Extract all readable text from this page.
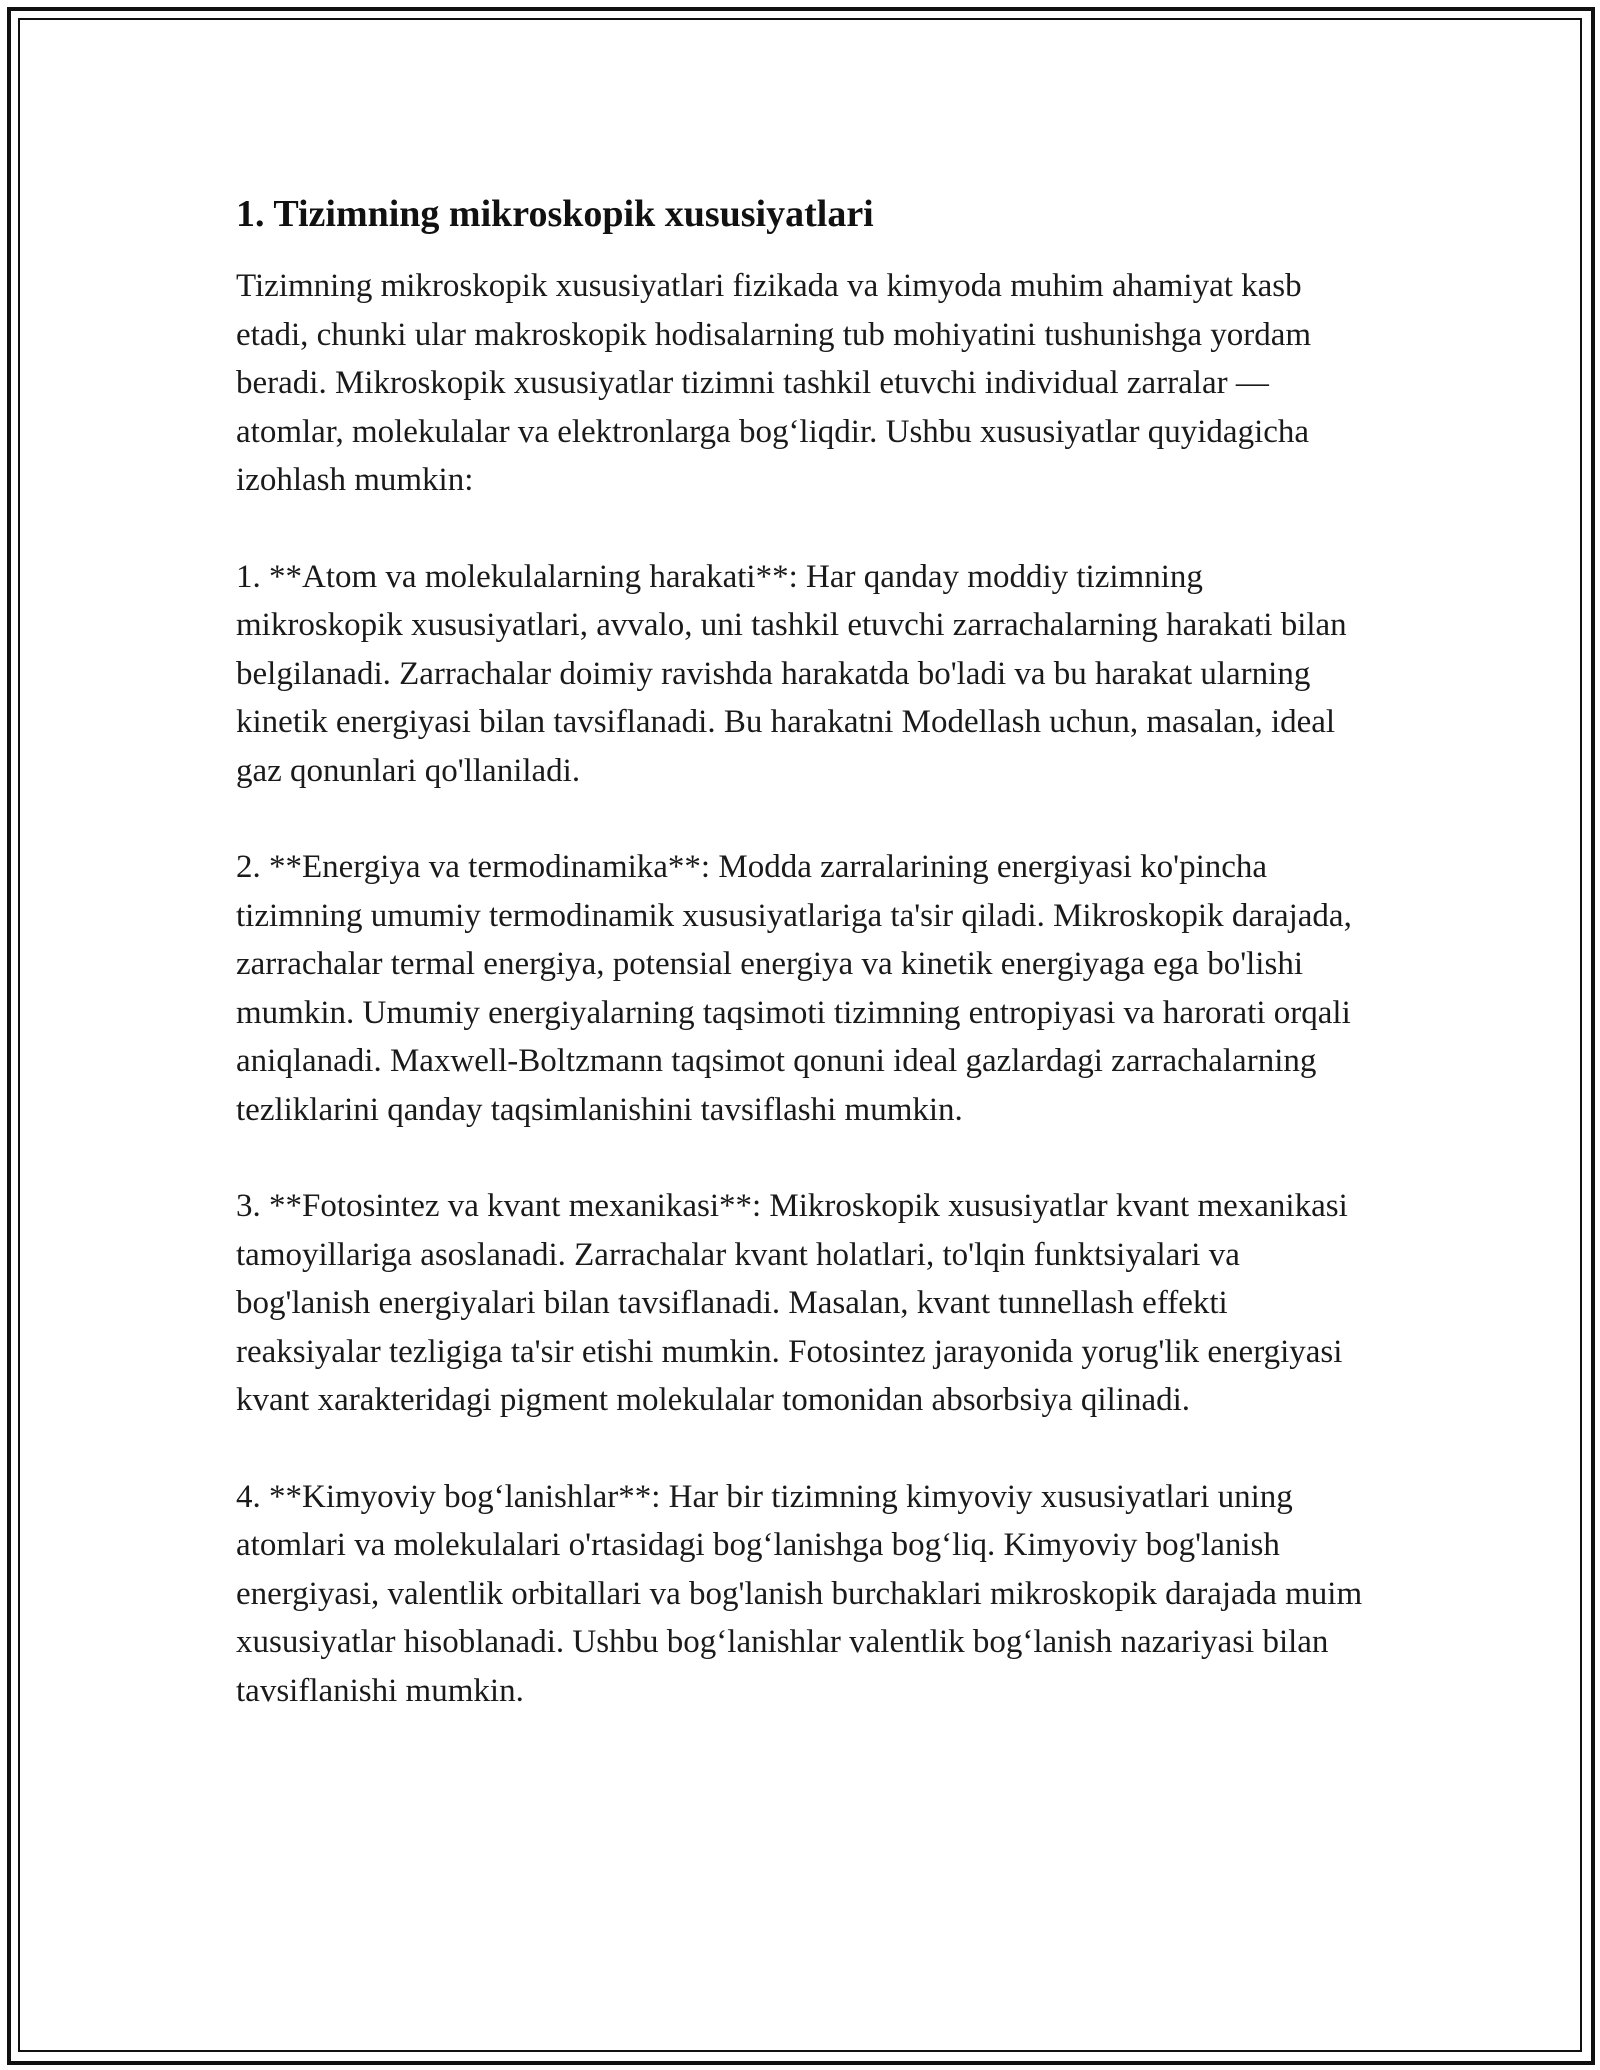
1. Tizimning mikroskopik xususiyatlari

Tizimning mikroskopik xususiyatlari fizikada va kimyoda muhim ahamiyat kasb etadi, chunki ular makroskopik hodisalarning tub mohiyatini tushunishga yordam beradi. Mikroskopik xususiyatlar tizimni tashkil etuvchi individual zarralar — atomlar, molekulalar va elektronlarga bog‘liqdir. Ushbu xususiyatlar quyidagicha izohlash mumkin:

1. **Atom va molekulalarning harakati**: Har qanday moddiy tizimning mikroskopik xususiyatlari, avvalo, uni tashkil etuvchi zarrachalarning harakati bilan belgilanadi. Zarrachalar doimiy ravishda harakatda bo'ladi va bu harakat ularning kinetik energiyasi bilan tavsiflanadi. Bu harakatni Modellash uchun, masalan, ideal gaz qonunlari qo'llaniladi.

2. **Energiya va termodinamika**: Modda zarralarining energiyasi ko'pincha tizimning umumiy termodinamik xususiyatlariga ta'sir qiladi. Mikroskopik darajada, zarrachalar termal energiya, potensial energiya va kinetik energiyaga ega bo'lishi mumkin. Umumiy energiyalarning taqsimoti tizimning entropiyasi va harorati orqali aniqlanadi. Maxwell-Boltzmann taqsimot qonuni ideal gazlardagi zarrachalarning tezliklarini qanday taqsimlanishini tavsiflashi mumkin.

3. **Fotosintez va kvant mexanikasi**: Mikroskopik xususiyatlar kvant mexanikasi tamoyillariga asoslanadi. Zarrachalar kvant holatlari, to'lqin funktsiyalari va bog'lanish energiyalari bilan tavsiflanadi. Masalan, kvant tunnellash effekti reaksiyalar tezligiga ta'sir etishi mumkin. Fotosintez jarayonida yorug'lik energiyasi kvant xarakteridagi pigment molekulalar tomonidan absorbsiya qilinadi.

4. **Kimyoviy bog‘lanishlar**: Har bir tizimning kimyoviy xususiyatlari uning atomlari va molekulalari o'rtasidagi bog‘lanishga bog‘liq. Kimyoviy bog'lanish energiyasi, valentlik orbitallari va bog'lanish burchaklari mikroskopik darajada muim xususiyatlar hisoblanadi. Ushbu bog‘lanishlar valentlik bog‘lanish nazariyasi bilan tavsiflanishi mumkin.
